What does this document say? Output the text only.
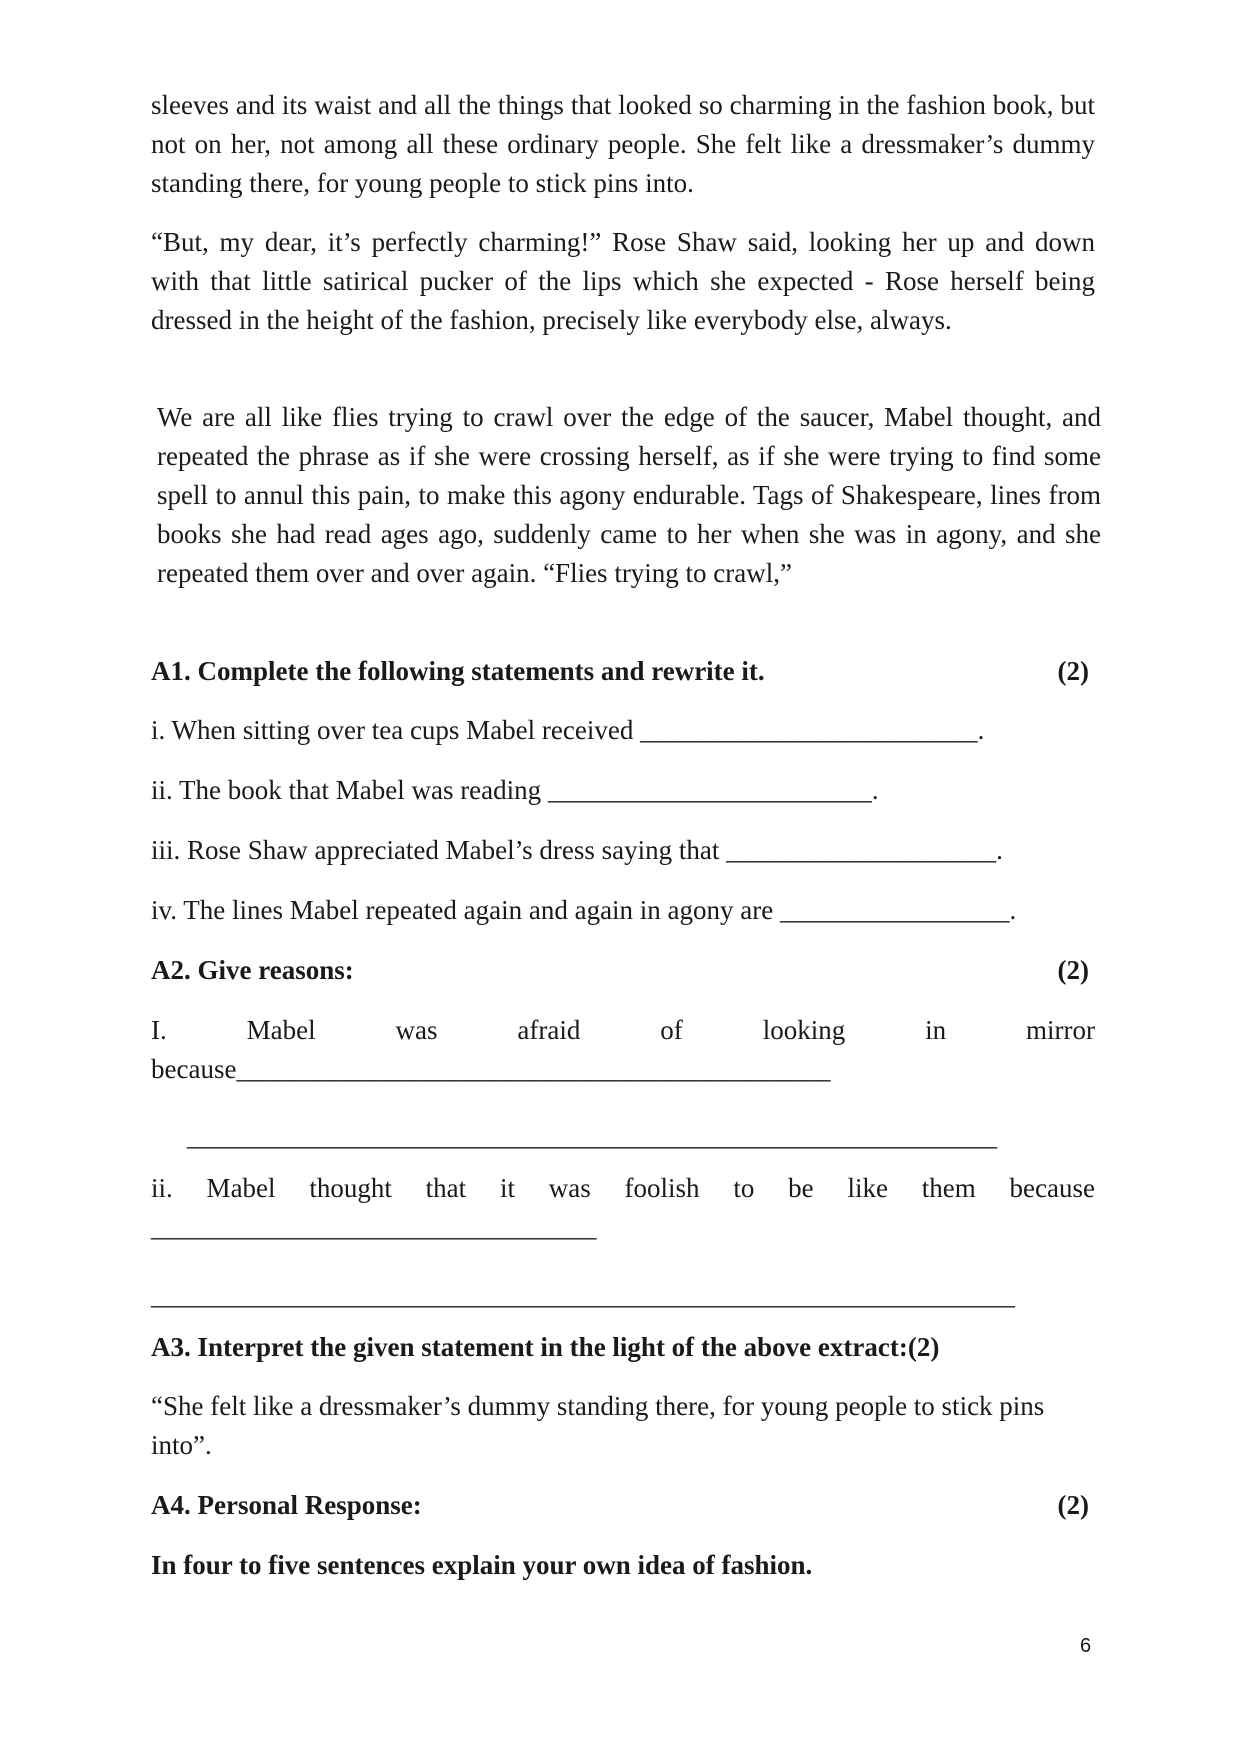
sleeves and its waist and all the things that looked so charming in the fashion book, but not on her, not among all these ordinary people. She felt like a dressmaker’s dummy standing there, for young people to stick pins into.

“But, my dear, it’s perfectly charming!” Rose Shaw said, looking her up and down with that little satirical pucker of the lips which she expected - Rose herself being dressed in the height of the fashion, precisely like everybody else, always.

We are all like flies trying to crawl over the edge of the saucer, Mabel thought, and repeated the phrase as if she were crossing herself, as if she were trying to find some spell to annul this pain, to make this agony endurable. Tags of Shakespeare, lines from books she had read ages ago, suddenly came to her when she was in agony, and she repeated them over and over again. “Flies trying to crawl,”

A1. Complete the following statements and rewrite it.	(2)

i. When sitting over tea cups Mabel received _________________________.

ii. The book that Mabel was reading ________________________.

iii. Rose Shaw appreciated Mabel’s dress saying that ____________________.

iv. The lines Mabel repeated again and again in agony are _________________.

A2. Give reasons:	(2)

I. Mabel was afraid of looking in mirror

because____________________________________________

____________________________________________________________

ii. Mabel thought that it was foolish to be like them because

_________________________________

________________________________________________________________

A3. Interpret the given statement in the light of the above extract:(2)

“She felt like a dressmaker’s dummy standing there, for young people to stick pins into”.

A4. Personal Response:	(2)

In four to five sentences explain your own idea of fashion.

6
